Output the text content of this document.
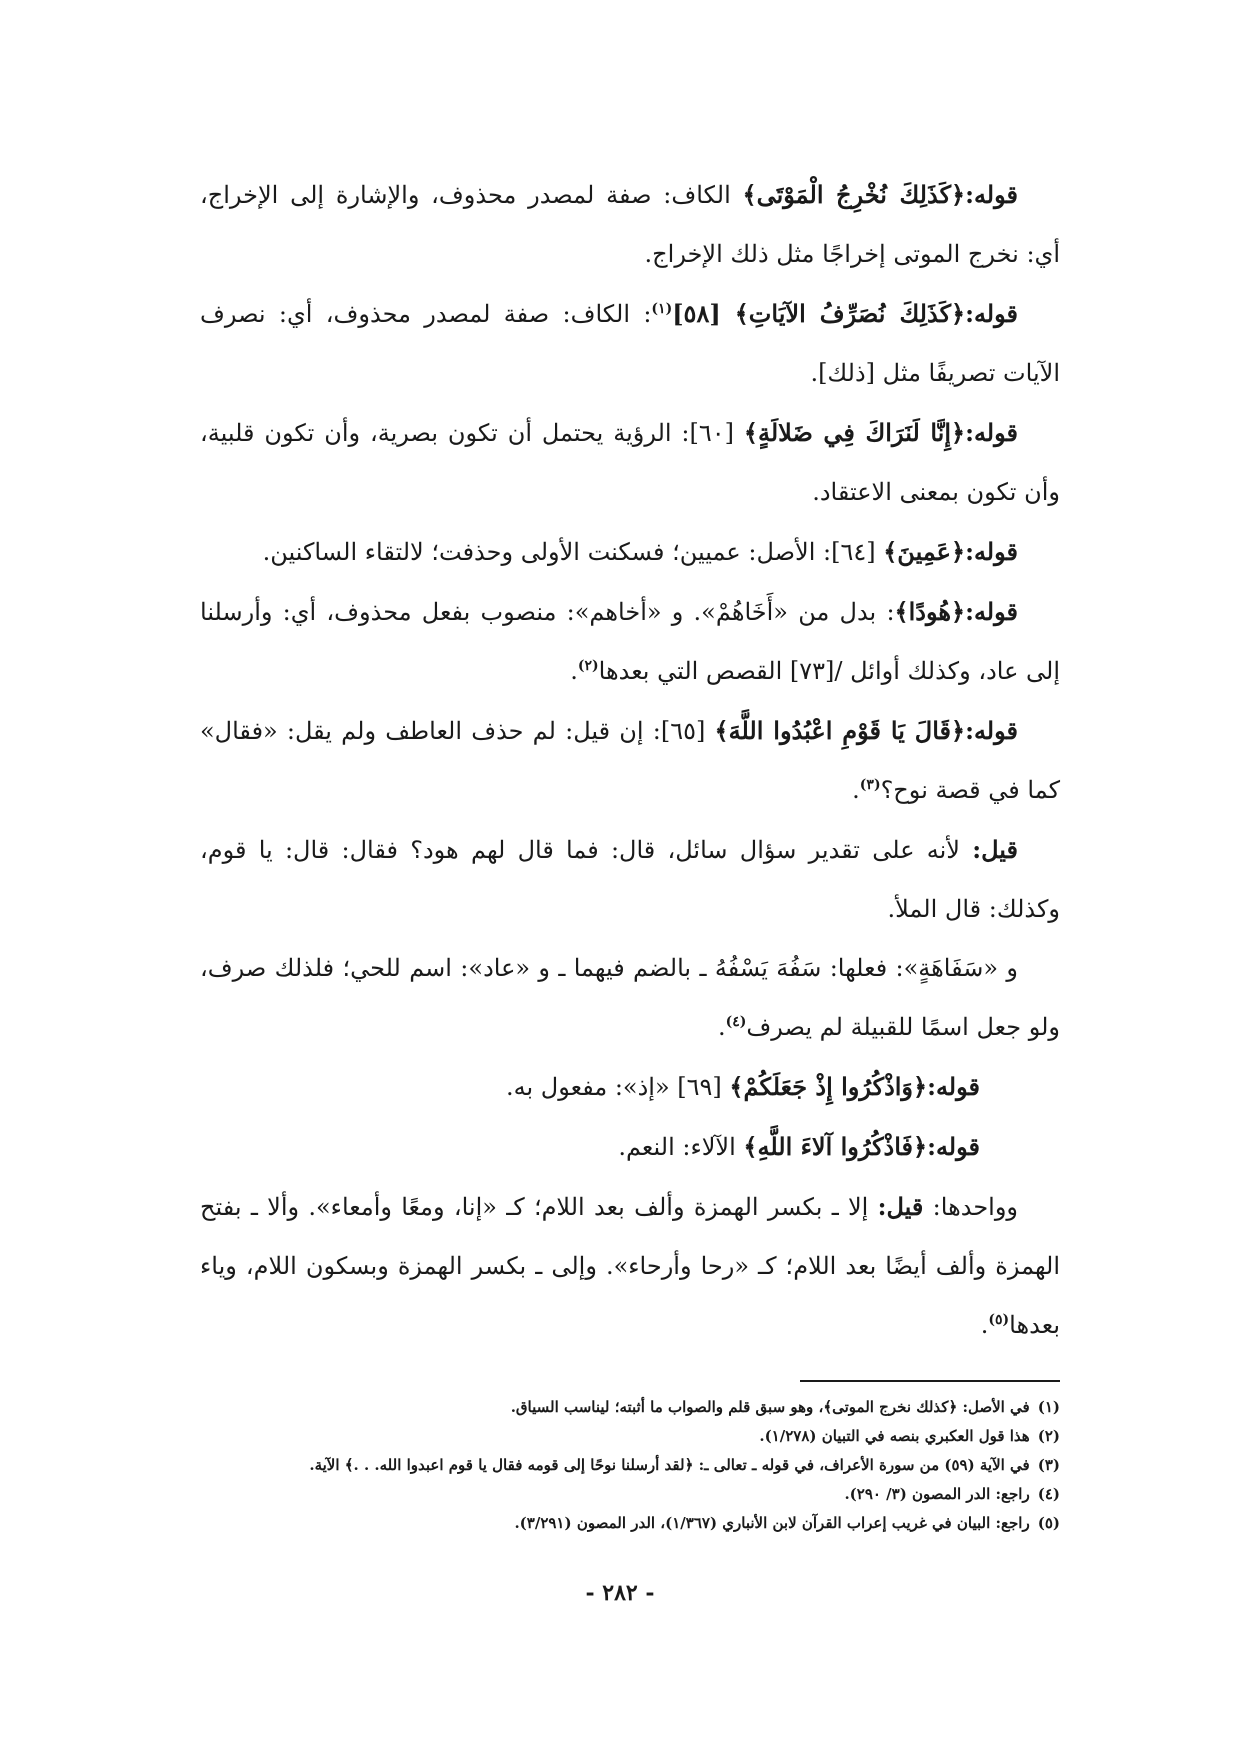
قوله:﴿كَذَلِكَ نُخْرِجُ الْمَوْتَى﴾ الكاف: صفة لمصدر محذوف، والإشارة إلى الإخراج، أي: نخرج الموتى إخراجًا مثل ذلك الإخراج.

قوله:﴿كَذَلِكَ نُصَرِّفُ الآيَاتِ﴾ [٥٨]$^{(١)}$: الكاف: صفة لمصدر محذوف، أي: نصرف الآيات تصريفًا مثل [ذلك].

قوله:﴿إِنَّا لَنَرَاكَ فِي ضَلالَةٍ﴾ [٦٠]: الرؤية يحتمل أن تكون بصرية، وأن تكون قلبية، وأن تكون بمعنى الاعتقاد.

قوله:﴿عَمِينَ﴾ [٦٤]: الأصل: عميين؛ فسكنت الأولى وحذفت؛ لالتقاء الساكنين.

قوله:﴿هُودًا﴾: بدل من «أَخَاهُمْ». و «أخاهم»: منصوب بفعل محذوف، أي: وأرسلنا إلى عاد، وكذلك أوائل /[٧٣] القصص التي بعدها$^{(٢)}$.

قوله:﴿قَالَ يَا قَوْمِ اعْبُدُوا اللَّهَ﴾ [٦٥]: إن قيل: لم حذف العاطف ولم يقل: «فقال» كما في قصة نوح؟$^{(٣)}$.

قيل: لأنه على تقدير سؤال سائل، قال: فما قال لهم هود؟ فقال: قال: يا قوم، وكذلك: قال الملأ.

و «سَفَاهَةٍ»: فعلها: سَفُهَ يَسْفُهُ ـ بالضم فيهما ـ و «عاد»: اسم للحي؛ فلذلك صرف، ولو جعل اسمًا للقبيلة لم يصرف$^{(٤)}$.

قوله:﴿وَاذْكُرُوا إِذْ جَعَلَكُمْ﴾ [٦٩] «إذ»: مفعول به.

قوله:﴿فَاذْكُرُوا آلاءَ اللَّهِ﴾ الآلاء: النعم.

وواحدها: قيل: إلا ـ بكسر الهمزة وألف بعد اللام؛ كـ «إنا، ومعًا وأمعاء». وألا ـ بفتح الهمزة وألف أيضًا بعد اللام؛ كـ «رحا وأرحاء». وإلى ـ بكسر الهمزة وبسكون اللام، وياء بعدها$^{(٥)}$.

(١)في الأصل: ﴿كذلك نخرج الموتى﴾، وهو سبق قلم والصواب ما أثبته؛ ليناسب السياق.

(٢)هذا قول العكبري بنصه في التبيان (١/٢٧٨).

(٣)في الآية (٥٩) من سورة الأعراف، في قوله ـ تعالى ـ: ﴿لقد أرسلنا نوحًا إلى قومه فقال يا قوم اعبدوا الله. . .﴾ الآية.

(٤)راجع: الدر المصون (٣/ ٢٩٠).

(٥)راجع: البيان في غريب إعراب القرآن لابن الأنباري (١/٣٦٧)، الدر المصون (٣/٢٩١).

- ٢٨٢ -
